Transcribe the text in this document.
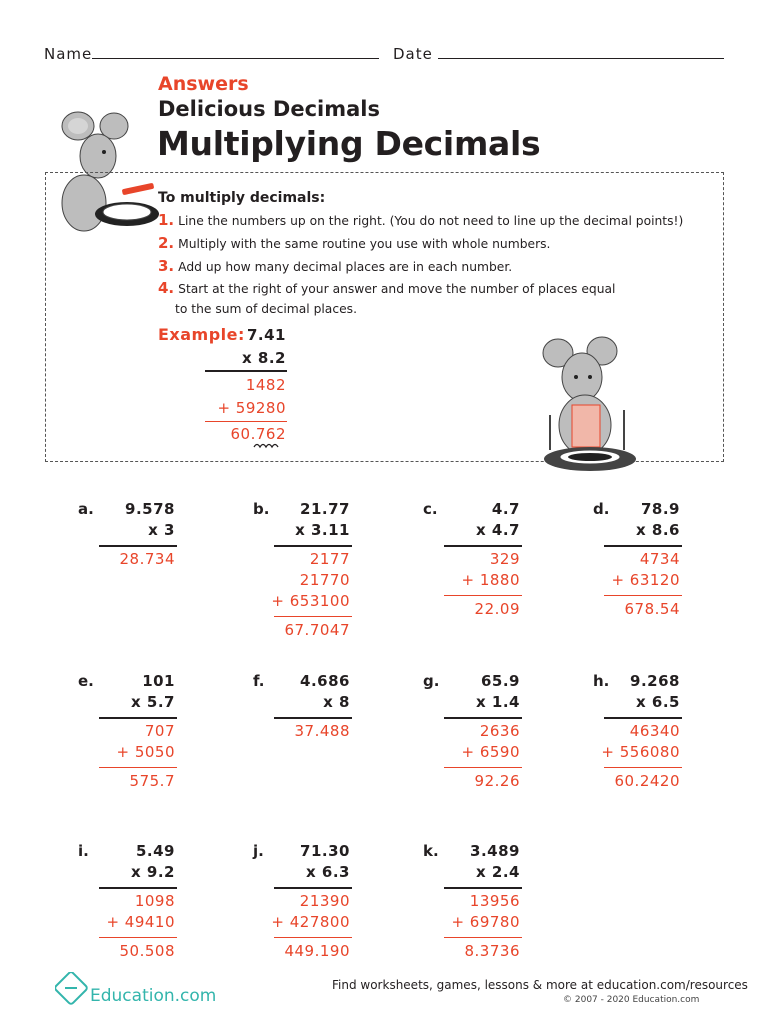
Name	Date
Answers
Delicious Decimals
Multiplying Decimals
To multiply decimals:
1. Line the numbers up on the right. (You do not need to line up the decimal points!)
2. Multiply with the same routine you use with whole numbers.
3. Add up how many decimal places are in each number.
4. Start at the right of your answer and move the number of places equal
to the sum of decimal places.
Example: 7.41
x 8.2
1482
+ 59280
60.762
a.	9.578
x 3
28.734
b.	21.77
x 3.11
2177
21770
+ 653100
67.7047
c.	4.7
x 4.7
329
+ 1880
22.09
d.	78.9
x 8.6
4734
+ 63120
678.54
e.	101
x 5.7
707
+ 5050
575.7
f.	4.686
x 8
37.488
g.	65.9
x 1.4
2636
+ 6590
92.26
h.	9.268
x 6.5
46340
+ 556080
60.2420
i.	5.49
x 9.2
1098
+ 49410
50.508
j.	71.30
x 6.3
21390
+ 427800
449.190
k.	3.489
x 2.4
13956
+ 69780
8.3736
Education.com
Find worksheets, games, lessons & more at education.com/resources
© 2007 - 2020 Education.com
